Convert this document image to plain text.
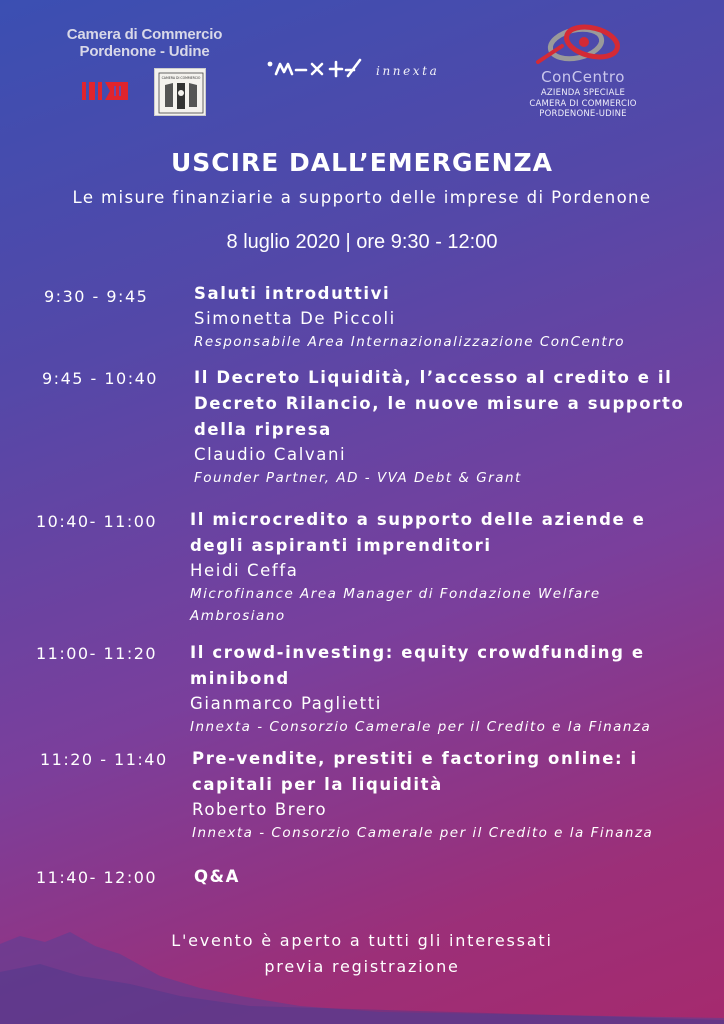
Camera di Commercio
Pordenone - Udine
CAMERA DI COMMERCIO	innexta	ConCentro
AZIENDA SPECIALE
CAMERA DI COMMERCIO
PORDENONE-UDINE
USCIRE DALL’EMERGENZA
Le misure finanziarie a supporto delle imprese di Pordenone
8 luglio 2020 | ore 9:30 - 12:00
9:30 - 9:45	Saluti introduttivi
Simonetta De Piccoli
Responsabile Area Internazionalizzazione ConCentro
9:45 - 10:40 Il Decreto Liquidità, l’accesso al credito e il
Decreto Rilancio, le nuove misure a supporto
della ripresa
Claudio Calvani
Founder Partner, AD - VVA Debt & Grant
10:40- 11:00 Il microcredito a supporto delle aziende e
degli aspiranti imprenditori
Heidi Ceffa
Microfinance Area Manager di Fondazione Welfare
Ambrosiano
11:00- 11:20 Il crowd-investing: equity crowdfunding e
minibond
Gianmarco Paglietti
Innexta - Consorzio Camerale per il Credito e la Finanza
11:20 - 11:40 Pre-vendite, prestiti e factoring online: i
capitali per la liquidità
Roberto Brero
Innexta - Consorzio Camerale per il Credito e la Finanza
11:40- 12:00 Q&A
L'evento è aperto a tutti gli interessati
previa registrazione
